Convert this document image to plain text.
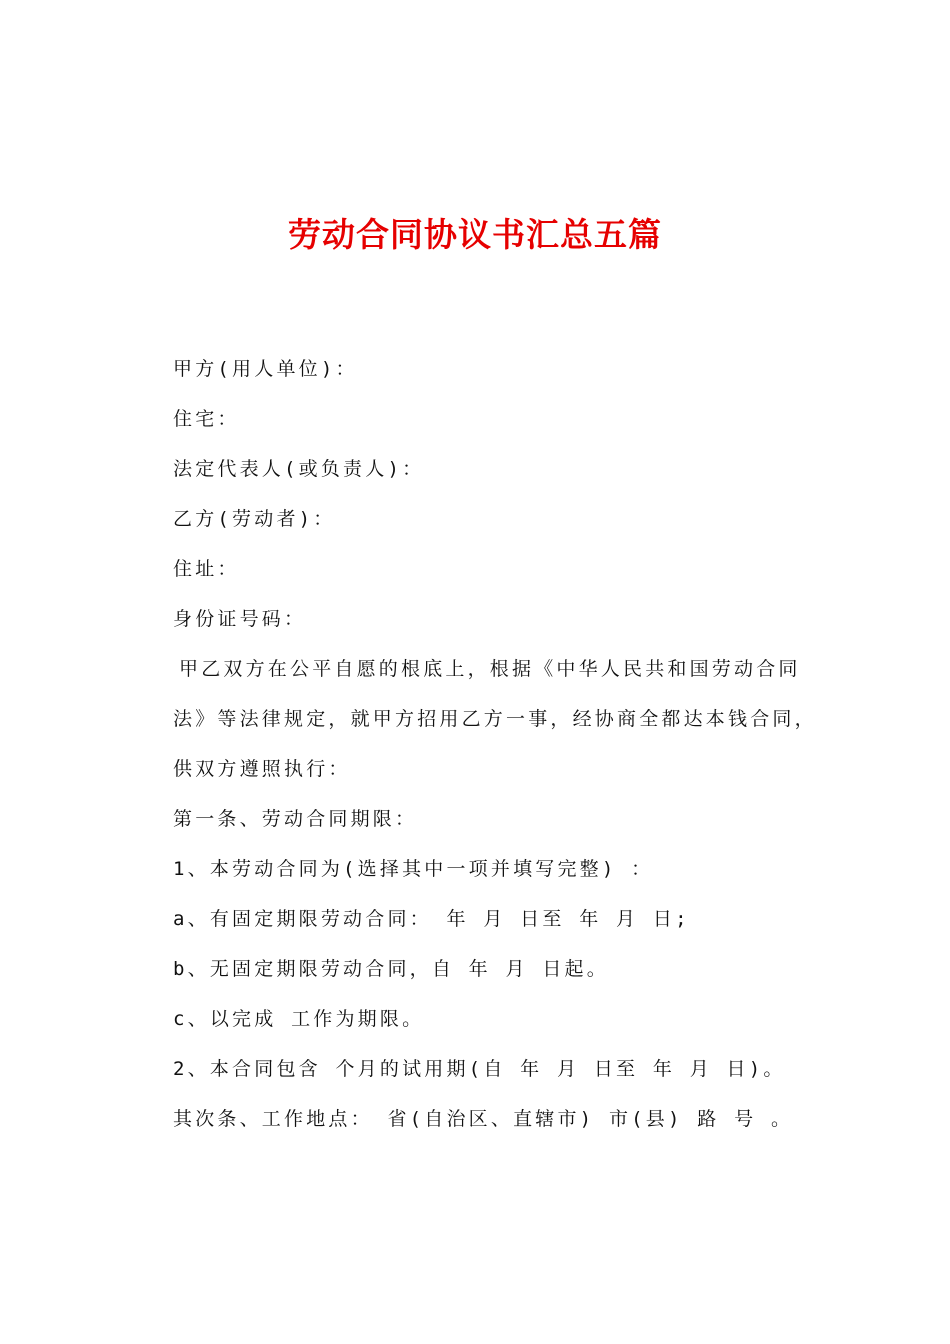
劳动合同协议书汇总五篇
甲方(用人单位)：
住宅：
法定代表人(或负责人)：
乙方(劳动者)：
住址：
身份证号码：
甲乙双方在公平自愿的根底上，根据《中华人民共和国劳动合同法》等法律规定，就甲方招用乙方一事，经协商全都达本钱合同，供双方遵照执行：
第一条、劳动合同期限：
1、本劳动合同为(选择其中一项并填写完整) ：
a、有固定期限劳动合同： 年 月 日至 年 月 日;
b、无固定期限劳动合同，自 年 月 日起。
c、以完成 工作为期限。
2、本合同包含 个月的试用期(自 年 月 日至 年 月 日)。
其次条、工作地点： 省(自治区、直辖市) 市(县) 路 号 。
